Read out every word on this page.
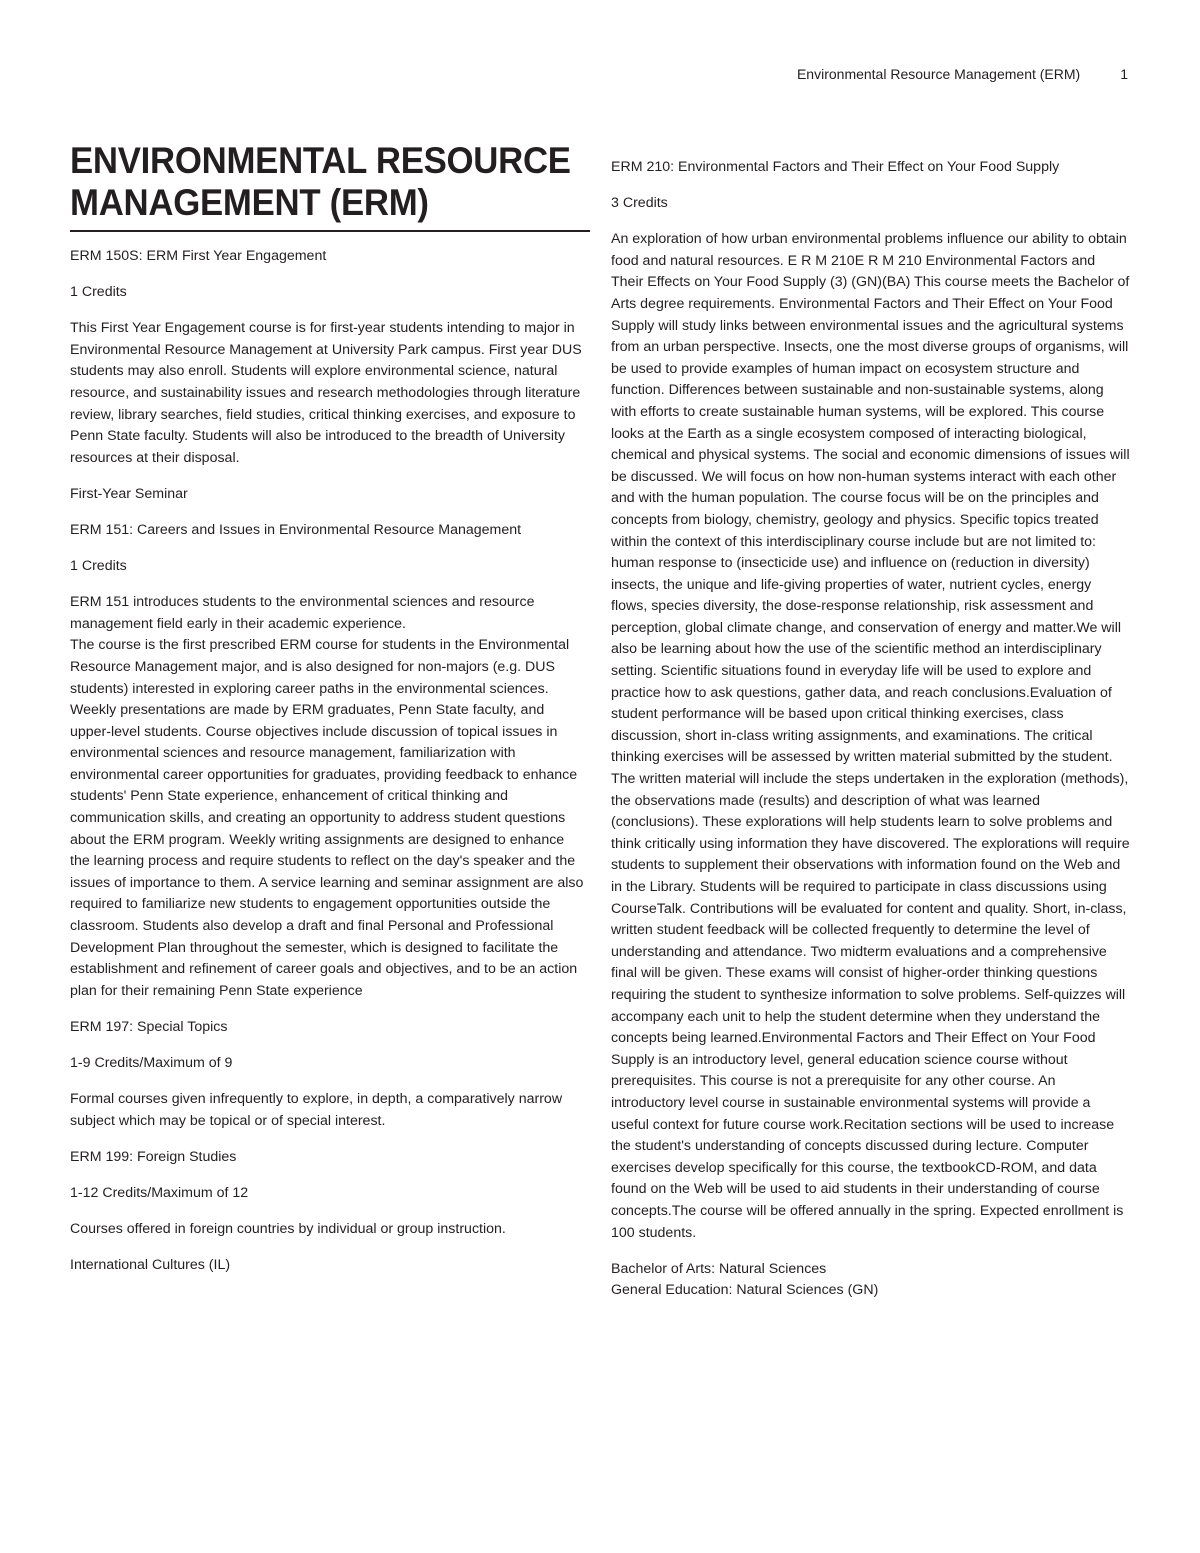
Environmental Resource Management (ERM)	1
ENVIRONMENTAL RESOURCE MANAGEMENT (ERM)

ERM 150S: ERM First Year Engagement

1 Credits

This First Year Engagement course is for first-year students intending to major in Environmental Resource Management at University Park campus. First year DUS students may also enroll. Students will explore environmental science, natural resource, and sustainability issues and research methodologies through literature review, library searches, field studies, critical thinking exercises, and exposure to Penn State faculty. Students will also be introduced to the breadth of University resources at their disposal.

First-Year Seminar

ERM 151: Careers and Issues in Environmental Resource Management

1 Credits

ERM 151 introduces students to the environmental sciences and resource management field early in their academic experience.

The course is the first prescribed ERM course for students in the Environmental Resource Management major, and is also designed for non-majors (e.g. DUS students) interested in exploring career paths in the environmental sciences. Weekly presentations are made by ERM graduates, Penn State faculty, and upper-level students. Course objectives include discussion of topical issues in environmental sciences and resource management, familiarization with environmental career opportunities for graduates, providing feedback to enhance students' Penn State experience, enhancement of critical thinking and communication skills, and creating an opportunity to address student questions about the ERM program. Weekly writing assignments are designed to enhance the learning process and require students to reflect on the day's speaker and the issues of importance to them. A service learning and seminar assignment are also required to familiarize new students to engagement opportunities outside the classroom. Students also develop a draft and final Personal and Professional Development Plan throughout the semester, which is designed to facilitate the establishment and refinement of career goals and objectives, and to be an action plan for their remaining Penn State experience

ERM 197: Special Topics

1-9 Credits/Maximum of 9

Formal courses given infrequently to explore, in depth, a comparatively narrow subject which may be topical or of special interest.

ERM 199: Foreign Studies

1-12 Credits/Maximum of 12

Courses offered in foreign countries by individual or group instruction.

International Cultures (IL)

ERM 210: Environmental Factors and Their Effect on Your Food Supply

3 Credits

An exploration of how urban environmental problems influence our ability to obtain food and natural resources. E R M 210E R M 210 Environmental Factors and Their Effects on Your Food Supply (3) (GN)(BA) This course meets the Bachelor of Arts degree requirements. Environmental Factors and Their Effect on Your Food Supply will study links between environmental issues and the agricultural systems from an urban perspective. Insects, one the most diverse groups of organisms, will be used to provide examples of human impact on ecosystem structure and function. Differences between sustainable and non-sustainable systems, along with efforts to create sustainable human systems, will be explored. This course looks at the Earth as a single ecosystem composed of interacting biological, chemical and physical systems. The social and economic dimensions of issues will be discussed. We will focus on how non-human systems interact with each other and with the human population. The course focus will be on the principles and concepts from biology, chemistry, geology and physics. Specific topics treated within the context of this interdisciplinary course include but are not limited to: human response to (insecticide use) and influence on (reduction in diversity) insects, the unique and life-giving properties of water, nutrient cycles, energy flows, species diversity, the dose-response relationship, risk assessment and perception, global climate change, and conservation of energy and matter.We will also be learning about how the use of the scientific method an interdisciplinary setting. Scientific situations found in everyday life will be used to explore and practice how to ask questions, gather data, and reach conclusions.Evaluation of student performance will be based upon critical thinking exercises, class discussion, short in-class writing assignments, and examinations. The critical thinking exercises will be assessed by written material submitted by the student. The written material will include the steps undertaken in the exploration (methods), the observations made (results) and description of what was learned (conclusions). These explorations will help students learn to solve problems and think critically using information they have discovered. The explorations will require students to supplement their observations with information found on the Web and in the Library. Students will be required to participate in class discussions using CourseTalk. Contributions will be evaluated for content and quality. Short, in-class, written student feedback will be collected frequently to determine the level of understanding and attendance. Two midterm evaluations and a comprehensive final will be given. These exams will consist of higher-order thinking questions requiring the student to synthesize information to solve problems. Self-quizzes will accompany each unit to help the student determine when they understand the concepts being learned.Environmental Factors and Their Effect on Your Food Supply is an introductory level, general education science course without prerequisites. This course is not a prerequisite for any other course. An introductory level course in sustainable environmental systems will provide a useful context for future course work.Recitation sections will be used to increase the student's understanding of concepts discussed during lecture. Computer exercises develop specifically for this course, the textbookCD-ROM, and data found on the Web will be used to aid students in their understanding of course concepts.The course will be offered annually in the spring. Expected enrollment is 100 students.

Bachelor of Arts: Natural Sciences

General Education: Natural Sciences (GN)
